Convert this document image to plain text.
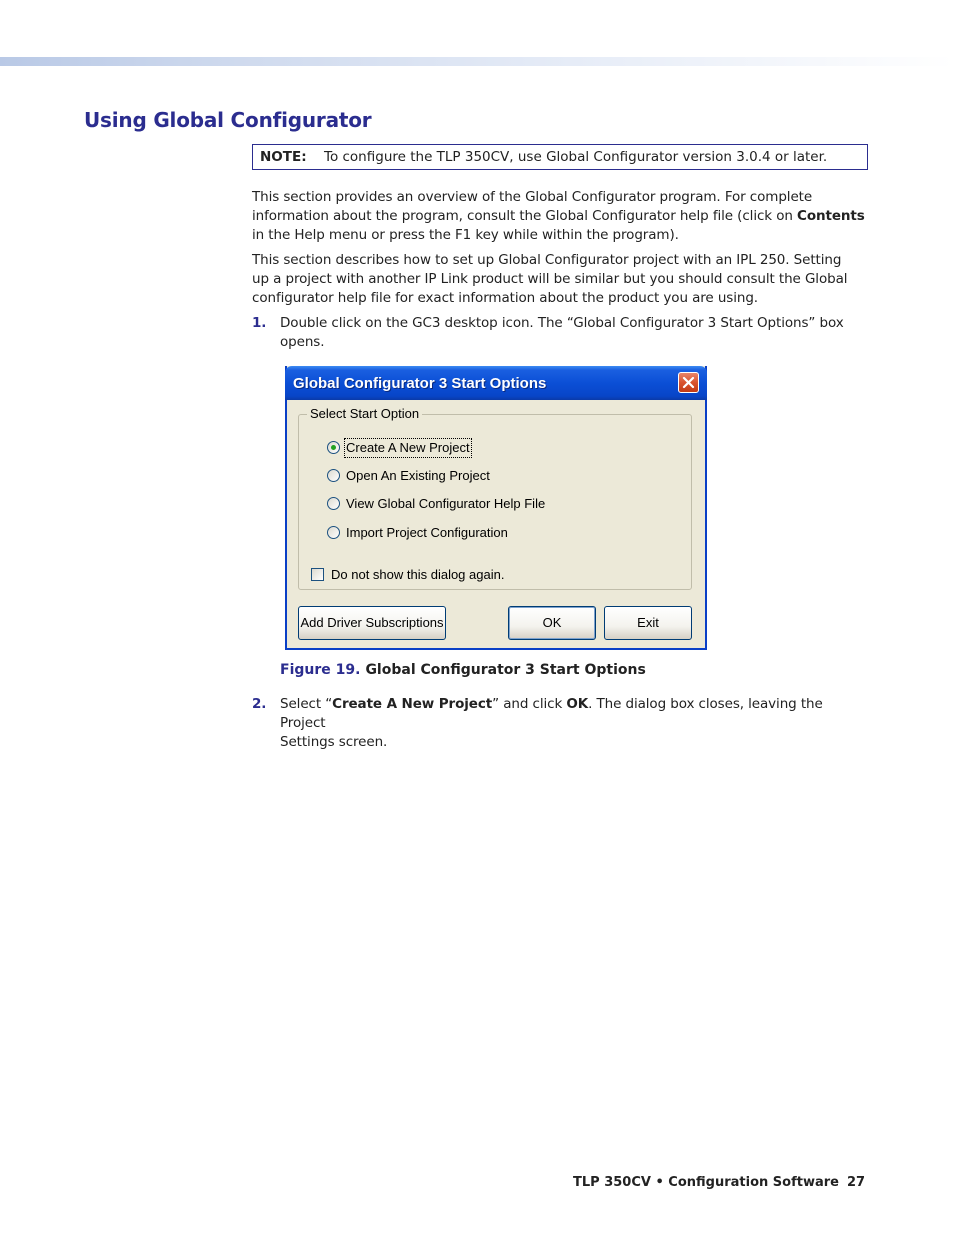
Using Global Configurator
NOTE: To configure the TLP 350CV, use Global Configurator version 3.0.4 or later.

This section provides an overview of the Global Configurator program. For complete
information about the program, consult the Global Configurator help file (click on Contents
in the Help menu or press the F1 key while within the program).

This section describes how to set up Global Configurator project with an IPL 250. Setting
up a project with another IP Link product will be similar but you should consult the Global
configurator help file for exact information about the product you are using.

1. Double click on the GC3 desktop icon. The “Global Configurator 3 Start Options” box
opens.
Global Configurator 3 Start Options
Select Start Option
Create A New Project
Open An Existing Project
View Global Configurator Help File
Import Project Configuration
Do not show this dialog again.
Add Driver Subscriptions	OK	Exit
Figure 19. Global Configurator 3 Start Options
2. Select “Create A New Project” and click OK. The dialog box closes, leaving the Project
Settings screen.
TLP 350CV • Configuration Software 27
